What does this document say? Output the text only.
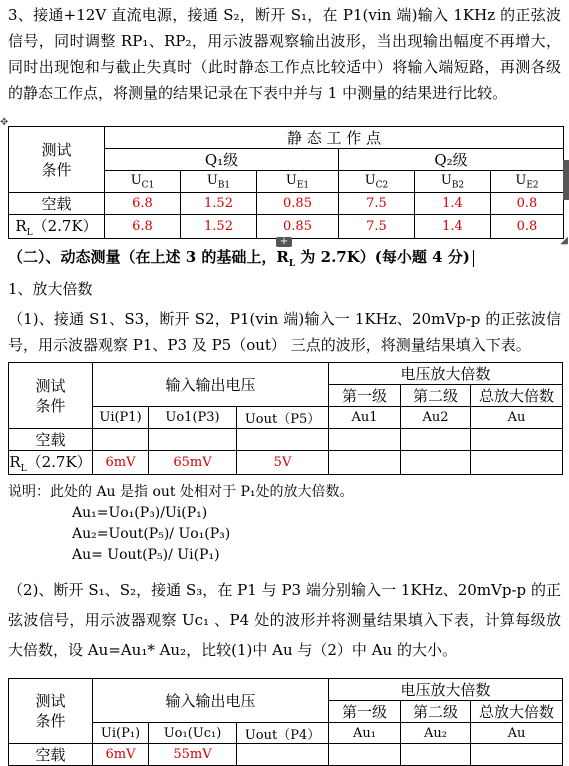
3、接通+12V 直流电源，接通 S₂，断开 S₁，在 P1(vin 端)输入 1KHz 的正弦波信号，同时调整 RP₁、RP₂，用示波器观察输出波形，当出现输出幅度不再增大，同时出现饱和与截止失真时（此时静态工作点比较适中）将输入端短路，再测各级的静态工作点，将测量的结果记录在下表中并与 1 中测量的结果进行比较。

✥
测试
条件	静 态 工 作 点					
	Q₁级			Q₂级		
	$U_{C1}$	$U_{B1}$	$U_{E1}$	$U_{C2}$	$U_{B2}$	$U_{E2}$
空载	6.8	1.52	0.85	7.5	1.4	0.8
$R_L(2.7K)$	6.8	1.52	0.85	7.5	1.4	0.8
◢
+
（二）、动态测量（在上述 3 的基础上，$R_L$ 为 2.7K）(每小题 4 分)
1、放大倍数

（1)、接通 S1、S3，断开 S2，P1(vin 端)输入一 1KHz、20mVp-p 的正弦波信号，用示波器观察 P1、P3 及 P5（out） 三点的波形，将测量结果填入下表。

测试
条件	输入输出电压			电压放大倍数		
				第一级	第二级	总放大倍数
	Ui(P1)	Uo1(P3)	Uout（P5）	Au1	Au2	Au
空载						
$R_L(2.7K)$	6mV	65mV	5V			
说明：此处的 Au 是指 out 处相对于 P₁处的放大倍数。
Au₁=Uo₁(P₃)/Ui(P₁)
Au₂=Uout(P₅)/ Uo₁(P₃)
Au= Uout(P₅)/ Ui(P₁)

（2)、断开 S₁、S₂，接通 S₃，在 P1 与 P3 端分别输入一 1KHz、20mVp-p 的正弦波信号，用示波器观察 Uc₁ 、P4 处的波形并将测量结果填入下表，计算每级放大倍数，设 Au=Au₁* Au₂，比较(1)中 Au 与（2）中 Au 的大小。

测试
条件	输入输出电压			电压放大倍数		
				第一级	第二级	总放大倍数
	Ui(P₁)	Uo₁(Uc₁)	Uout（P4）	Au₁	Au₂	Au
空载	6mV	55mV				
